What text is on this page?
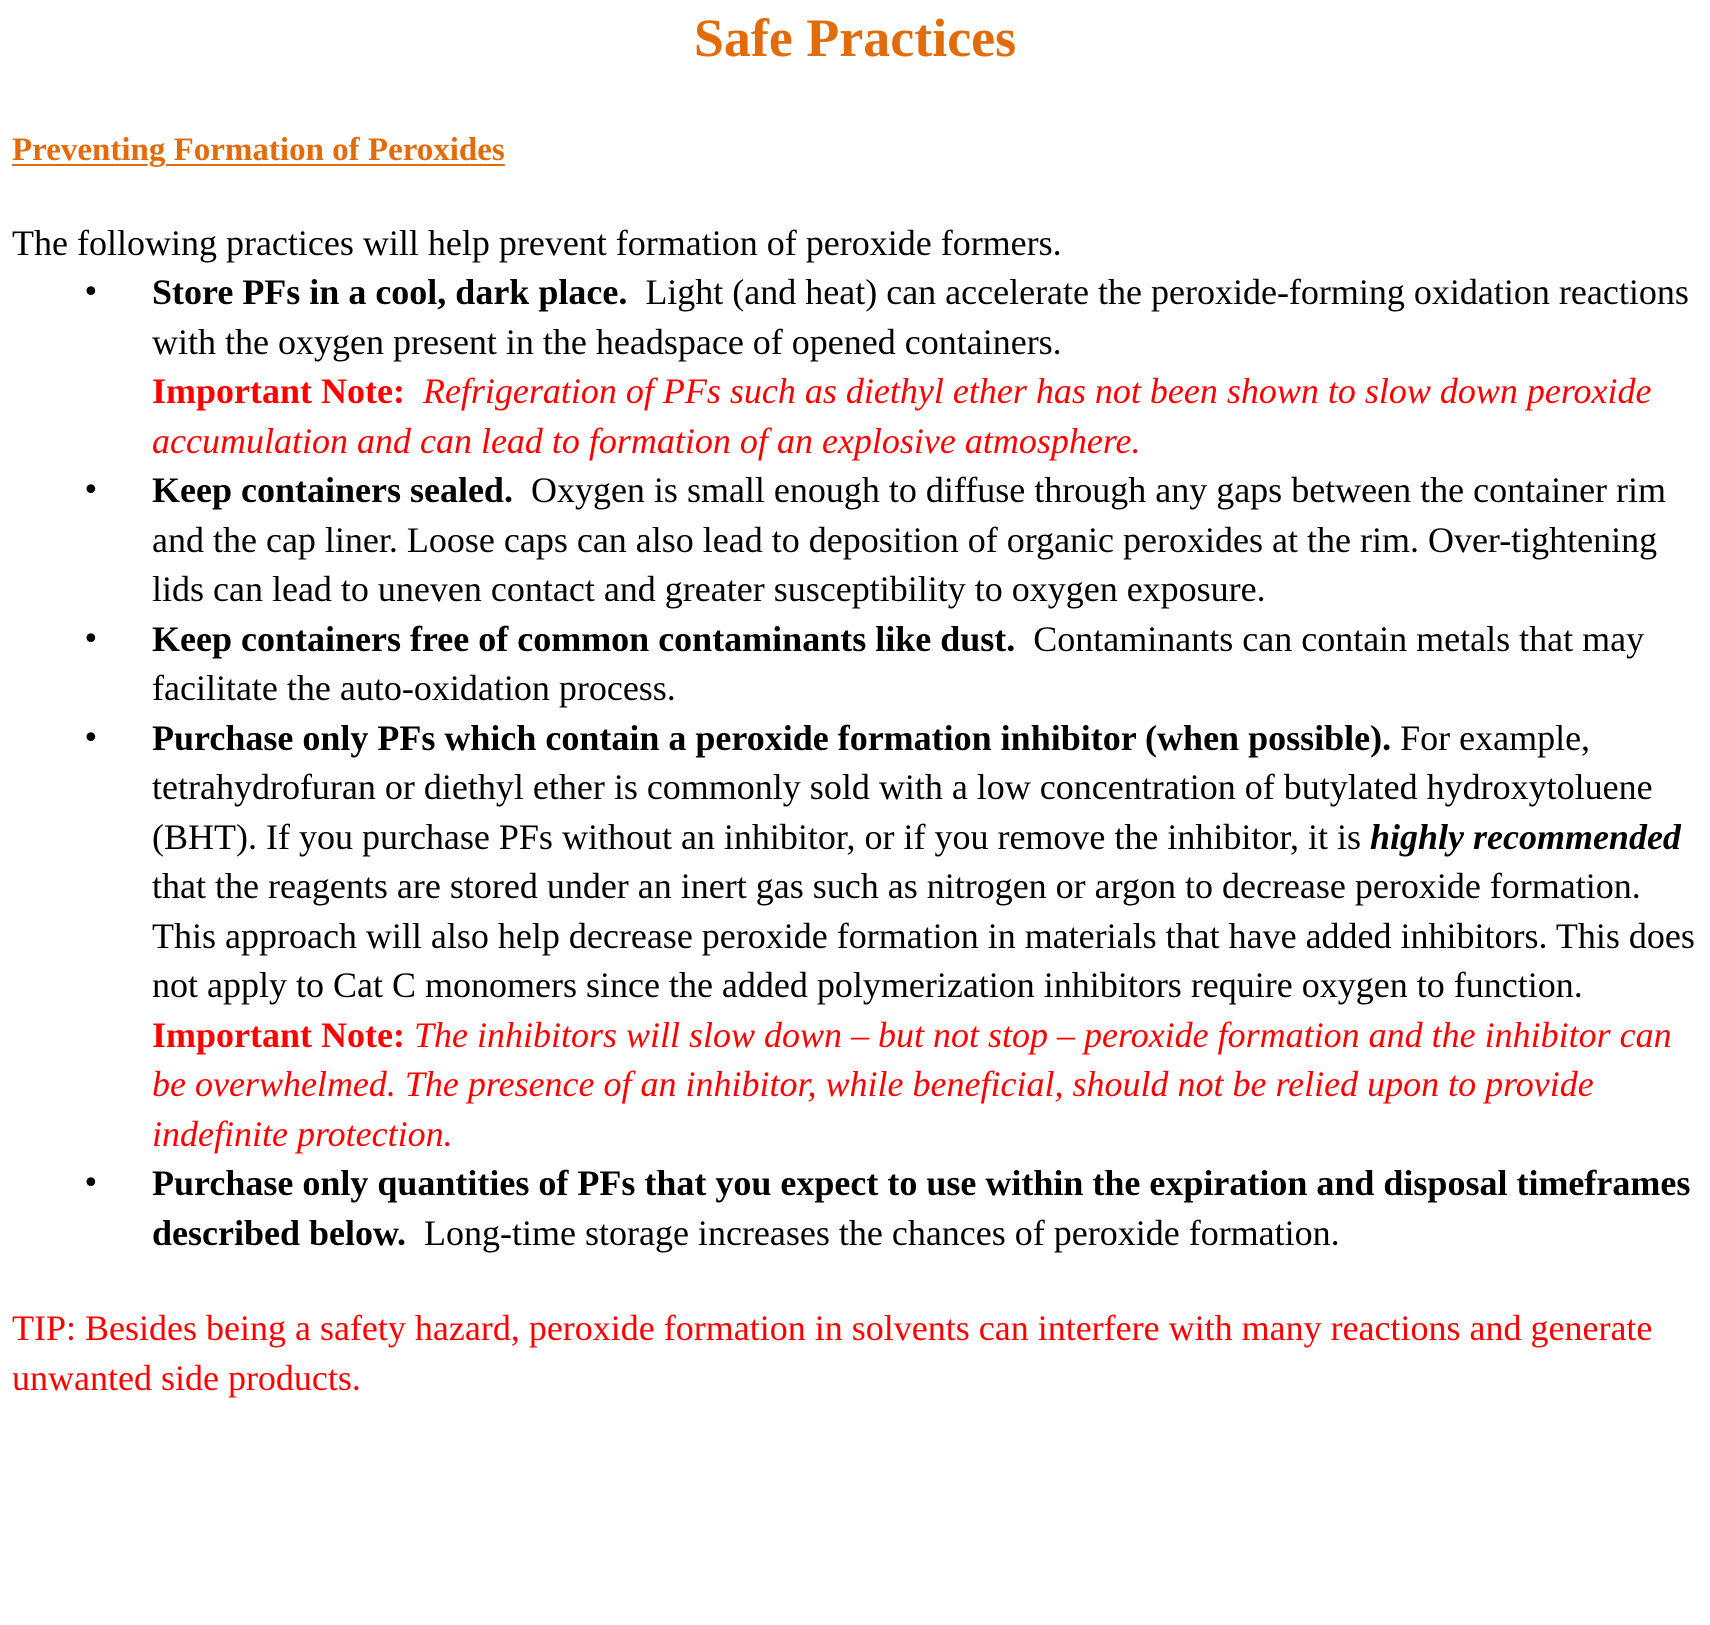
Safe Practices
Preventing Formation of Peroxides

The following practices will help prevent formation of peroxide formers.

• Store PFs in a cool, dark place. Light (and heat) can accelerate the peroxide-forming oxidation reactions with the oxygen present in the headspace of opened containers.
Important Note: Refrigeration of PFs such as diethyl ether has not been shown to slow down peroxide accumulation and can lead to formation of an explosive atmosphere.
• Keep containers sealed. Oxygen is small enough to diffuse through any gaps between the container rim and the cap liner. Loose caps can also lead to deposition of organic peroxides at the rim. Over-tightening lids can lead to uneven contact and greater susceptibility to oxygen exposure.
• Keep containers free of common contaminants like dust. Contaminants can contain metals that may facilitate the auto-oxidation process.
• Purchase only PFs which contain a peroxide formation inhibitor (when possible). For example, tetrahydrofuran or diethyl ether is commonly sold with a low concentration of butylated hydroxytoluene (BHT). If you purchase PFs without an inhibitor, or if you remove the inhibitor, it is highly recommended that the reagents are stored under an inert gas such as nitrogen or argon to decrease peroxide formation. This approach will also help decrease peroxide formation in materials that have added inhibitors. This does not apply to Cat C monomers since the added polymerization inhibitors require oxygen to function.
Important Note: The inhibitors will slow down – but not stop – peroxide formation and the inhibitor can be overwhelmed. The presence of an inhibitor, while beneficial, should not be relied upon to provide indefinite protection.
• Purchase only quantities of PFs that you expect to use within the expiration and disposal timeframes described below. Long-time storage increases the chances of peroxide formation.

TIP: Besides being a safety hazard, peroxide formation in solvents can interfere with many reactions and generate unwanted side products.
